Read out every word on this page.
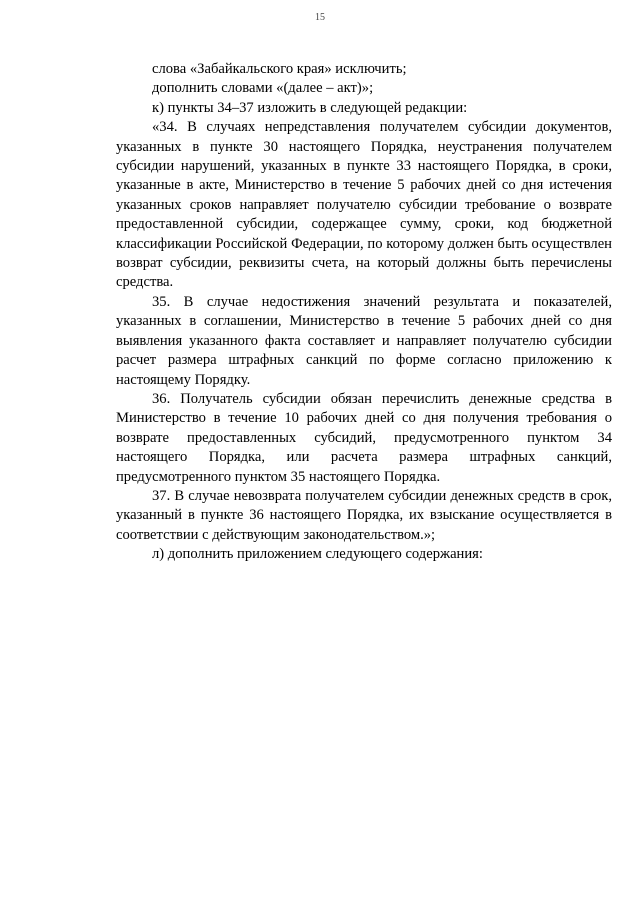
15

слова «Забайкальского края» исключить;

дополнить словами «(далее – акт)»;

к) пункты 34–37 изложить в следующей редакции:

«34. В случаях непредставления получателем субсидии документов, указанных в пункте 30 настоящего Порядка, неустранения получателем субсидии нарушений, указанных в пункте 33 настоящего Порядка, в сроки, указанные в акте, Министерство в течение 5 рабочих дней со дня истечения указанных сроков направляет получателю субсидии требование о возврате предоставленной субсидии, содержащее сумму, сроки, код бюджетной классификации Российской Федерации, по которому должен быть осуществлен возврат субсидии, реквизиты счета, на который должны быть перечислены средства.

35. В случае недостижения значений результата и показателей, указанных в соглашении, Министерство в течение 5 рабочих дней со дня выявления указанного факта составляет и направляет получателю субсидии расчет размера штрафных санкций по форме согласно приложению к настоящему Порядку.

36. Получатель субсидии обязан перечислить денежные средства в Министерство в течение 10 рабочих дней со дня получения требования о возврате предоставленных субсидий, предусмотренного пунктом 34 настоящего Порядка, или расчета размера штрафных санкций, предусмотренного пунктом 35 настоящего Порядка.

37. В случае невозврата получателем субсидии денежных средств в срок, указанный в пункте 36 настоящего Порядка, их взыскание осуществляется в соответствии с действующим законодательством.»;

л) дополнить приложением следующего содержания:
